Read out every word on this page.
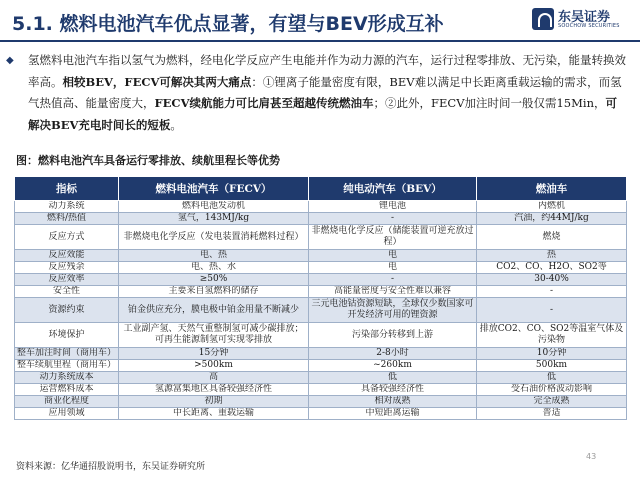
5.1. 燃料电池汽车优点显著，有望与BEV形成互补	东吴证券
SOOCHOW SECURITIES
◆ 氢燃料电池汽车指以氢气为燃料，经电化学反应产生电能并作为动力源的汽车，运行过程零排放、无污染，能量转换效率高。相较BEV，FECV可解决其两大痛点：①锂离子能量密度有限，BEV难以满足中长距离重载运输的需求，而氢气热值高、能量密度大，FECV续航能力可比肩甚至超越传统燃油车；②此外，FECV加注时间一般仅需15Min，可解决BEV充电时间长的短板。
图：燃料电池汽车具备运行零排放、续航里程长等优势
指标	燃料电池汽车（FECV）	纯电动汽车（BEV）	燃油车
动力系统	燃料电池发动机	锂电池	内燃机
燃料/热值	氢气，143MJ/kg	-	汽油，约44MJ/kg
反应方式	非燃烧电化学反应（发电装置消耗燃料过程）	非燃烧电化学反应（储能装置可逆充放过程）	燃烧
反应效能	电、热	电	热
反应残余	电、热、水	电	CO2、CO、H2O、SO2等
反应效率	≥50%	-	30-40%
安全性	主要来自氢燃料的储存	高能量密度与安全性难以兼容	-
资源约束	铂金供应充分，膜电极中铂金用量不断减少	三元电池钴资源短缺，全球仅少数国家可开发经济可用的锂资源	-
环境保护	工业副产氢、天然气重整制氢可减少碳排放；可再生能源制氢可实现零排放	污染部分转移到上游	排放CO2、CO、SO2等温室气体及污染物
整车加注时间（商用车）	15分钟	2-8小时	10分钟
整车续航里程（商用车）	>500km	~260km	500km
动力系统成本	高	低	低
运营燃料成本	氢源富集地区具备较强经济性	具备较强经济性	受石油价格波动影响
商业化程度	初期	相对成熟	完全成熟
应用领域	中长距离、重载运输	中短距离运输	普适
资料来源：亿华通招股说明书，东吴证券研究所
43
